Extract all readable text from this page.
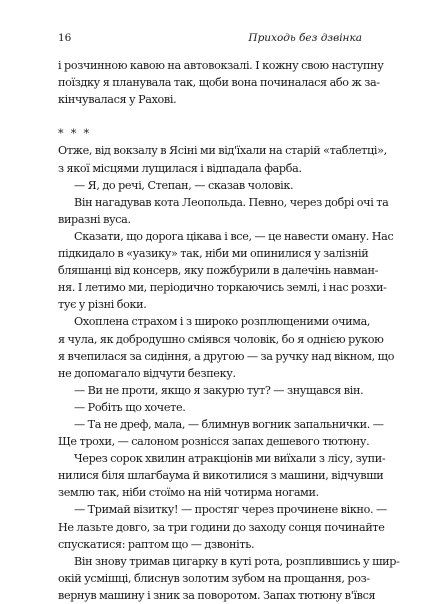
16	Приходь без дзвінка
і розчинною кавою на автовокзалі. І кожну свою наступну
поїздку я планувала так, щоби вона починалася або ж за-
кінчувалася у Рахові.
* * *
Отже, від вокзалу в Ясіні ми від'їхали на старій «таблетці»,
з якої місцями лущилася і відпадала фарба.
— Я, до речі, Степан, — сказав чоловік.
Він нагадував кота Леопольда. Певно, через добрі очі та
виразні вуса.
Сказати, що дорога цікава і все, — це навести оману. Нас
підкидало в «уазику» так, ніби ми опинилися у залізній
бляшанці від консерв, яку пожбурили в далечінь навман-
ня. І летимо ми, періодично торкаючись землі, і нас розхи-
тує у різні боки.
Охоплена страхом і з широко розплющеними очима,
я чула, як добродушно сміявся чоловік, бо я однією рукою
я вчепилася за сидіння, а другою — за ручку над вікном, що
не допомагало відчути безпеку.
— Ви не проти, якщо я закурю тут? — знущався він.
— Робіть що хочете.
— Та не дреф, мала, — блимнув вогник запальнички. —
Ще трохи, — салоном рознісся запах дешевого тютюну.
Через сорок хвилин атракціонів ми виїхали з лісу, зупи-
нилися біля шлагбаума й викотилися з машини, відчувши
землю так, ніби стоїмо на ній чотирма ногами.
— Тримай візитку! — простяг через прочинене вікно. —
Не лазьте довго, за три години до заходу сонця починайте
спускатися: раптом що — дзвоніть.
Він знову тримав цигарку в куті рота, розплившись у шир-
окій усмішці, блиснув золотим зубом на прощання, роз-
вернув машину і зник за поворотом. Запах тютюну в'ївся
